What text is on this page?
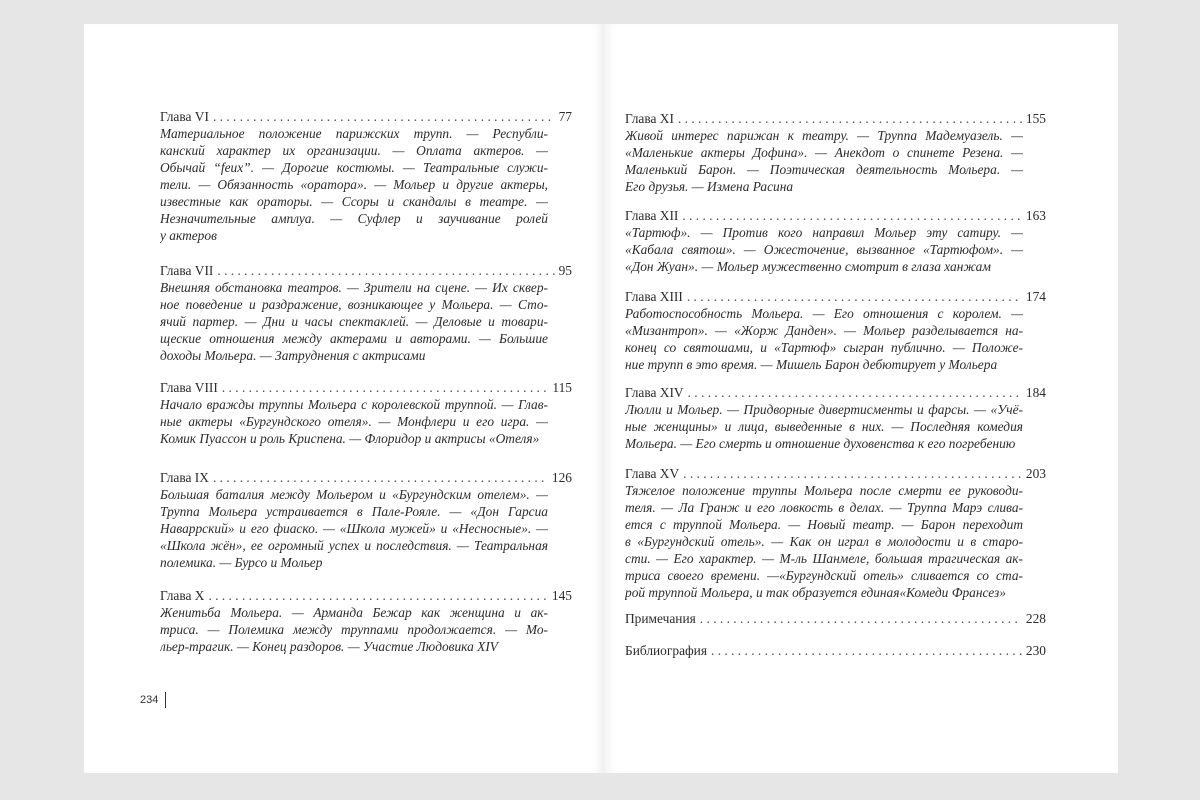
Глава VI . . .	77
Материальное положение парижских трупп. — Республи-
канский характер их организации. — Оплата актеров. —
Обычай “feux”. — Дорогие костюмы. — Театральные служи-
тели. — Обязанность «оратора». — Мольер и другие актеры,
известные как ораторы. — Ссоры и скандалы в театре. —
Незначительные амплуа. — Суфлер и заучивание ролей
у актеров
Глава VII . . .	95
Внешняя обстановка театров. — Зрители на сцене. — Их сквер-
ное поведение и раздражение, возникающее у Мольера. — Сто-
ячий партер. — Дни и часы спектаклей. — Деловые и товари-
щеские отношения между актерами и авторами. — Большие
доходы Мольера. — Затруднения с актрисами
Глава VIII . . .	115
Начало вражды труппы Мольера с королевской труппой. — Глав-
ные актеры «Бургундского отеля». — Монфлери и его игра. —
Комик Пуассон и роль Криспена. — Флоридор и актрисы «Отеля»
Глава IX . . .	126
Большая баталия между Мольером и «Бургундским отелем». —
Труппа Мольера устраивается в Пале-Рояле. — «Дон Гарсиа
Наваррский» и его фиаско. — «Школа мужей» и «Несносные». —
«Школа жён», ее огромный успех и последствия. — Театральная
полемика. — Бурсо и Мольер
Глава X . . .	145
Женитьба Мольера. — Арманда Бежар как женщина и ак-
триса. — Полемика между труппами продолжается. — Мо-
льер-трагик. — Конец раздоров. — Участие Людовика XIV
Глава XI . . .	155
Живой интерес парижан к театру. — Труппа Мадемуазель. —
«Маленькие актеры Дофина». — Анекдот о спинете Резена. —
Маленький Барон. — Поэтическая деятельность Мольера. —
Его друзья. — Измена Расина
Глава XII . . .	163
«Тартюф». — Против кого направил Мольер эту сатиру. —
«Кабала святош». — Ожесточение, вызванное «Тартюфом». —
«Дон Жуан». — Мольер мужественно смотрит в глаза ханжам
Глава XIII . . .	174
Работоспособность Мольера. — Его отношения с королем. —
«Мизантроп». — «Жорж Данден». — Мольер разделывается на-
конец со святошами, и «Тартюф» сыгран публично. — Положе-
ние трупп в это время. — Мишель Барон дебютирует у Мольера
Глава XIV . . .	184
Люлли и Мольер. — Придворные дивертисменты и фарсы. — «Учё-
ные женщины» и лица, выведенные в них. — Последняя комедия
Мольера. — Его смерть и отношение духовенства к его погребению
Глава XV . . .	203
Тяжелое положение труппы Мольера после смерти ее руководи-
теля. — Ла Гранж и его ловкость в делах. — Труппа Марэ слива-
ется с труппой Мольера. — Новый театр. — Барон переходит
в «Бургундский отель». — Как он играл в молодости и в старо-
сти. — Его характер. — М-ль Шанмеле, большая трагическая ак-
триса своего времени. —«Бургундский отель» сливается со ста-
рой труппой Мольера, и так образуется единая«Комеди Франсез»
Примечания . . .	228
Библиография . . .	230
234
